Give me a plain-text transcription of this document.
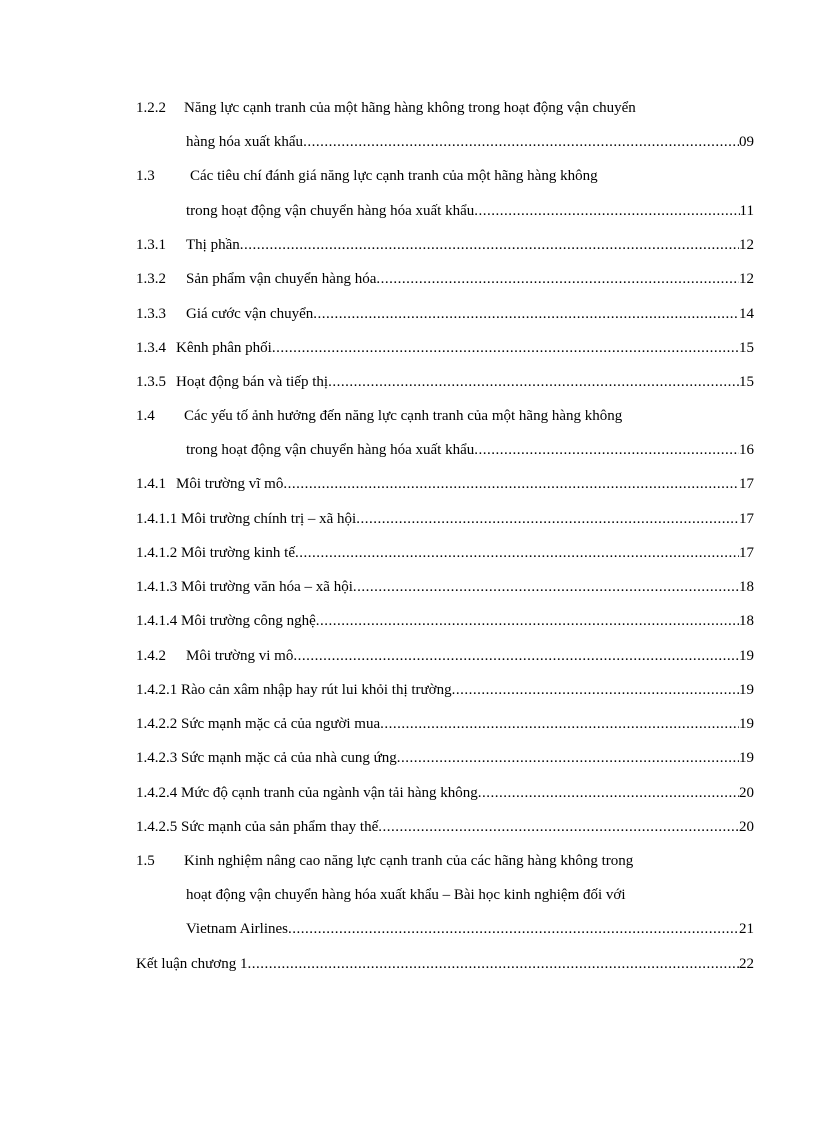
1.2.2 Năng lực cạnh tranh của một hãng hàng không trong hoạt động vận chuyển
hàng hóa xuất khẩu .....	09
1.3 Các tiêu chí đánh giá năng lực cạnh tranh của một hãng hàng không
trong hoạt động vận chuyển hàng hóa xuất khẩu .....	11
1.3.1	Thị phần .....	12
1.3.2	Sản phẩm vận chuyển hàng hóa .....	12
1.3.3	Giá cước vận chuyển .....	14
1.3.4 Kênh phân phối .....	15
1.3.5 Hoạt động bán và tiếp thị .....	15
1.4 Các yếu tố ảnh hưởng đến năng lực cạnh tranh của một hãng hàng không
trong hoạt động vận chuyển hàng hóa xuất khẩu .....	16
1.4.1 Môi trường vĩ mô .....	17
1.4.1.1 Môi trường chính trị – xã hội .....	17
1.4.1.2 Môi trường kinh tế .....	17
1.4.1.3 Môi trường văn hóa – xã hội .....	18
1.4.1.4 Môi trường công nghệ .....	18
1.4.2	Môi trường vi mô .....	19
1.4.2.1 Rào cản xâm nhập hay rút lui khỏi thị trường .....	19
1.4.2.2 Sức mạnh mặc cả của người mua .....	19
1.4.2.3 Sức mạnh mặc cả của nhà cung ứng .....	19
1.4.2.4 Mức độ cạnh tranh của ngành vận tải hàng không .....	20
1.4.2.5 Sức mạnh của sản phẩm thay thế .....	20
1.5 Kinh nghiệm nâng cao năng lực cạnh tranh của các hãng hàng không trong
hoạt động vận chuyển hàng hóa xuất khẩu – Bài học kinh nghiệm đối với
Vietnam Airlines .....	21
Kết luận chương 1 .....	22
